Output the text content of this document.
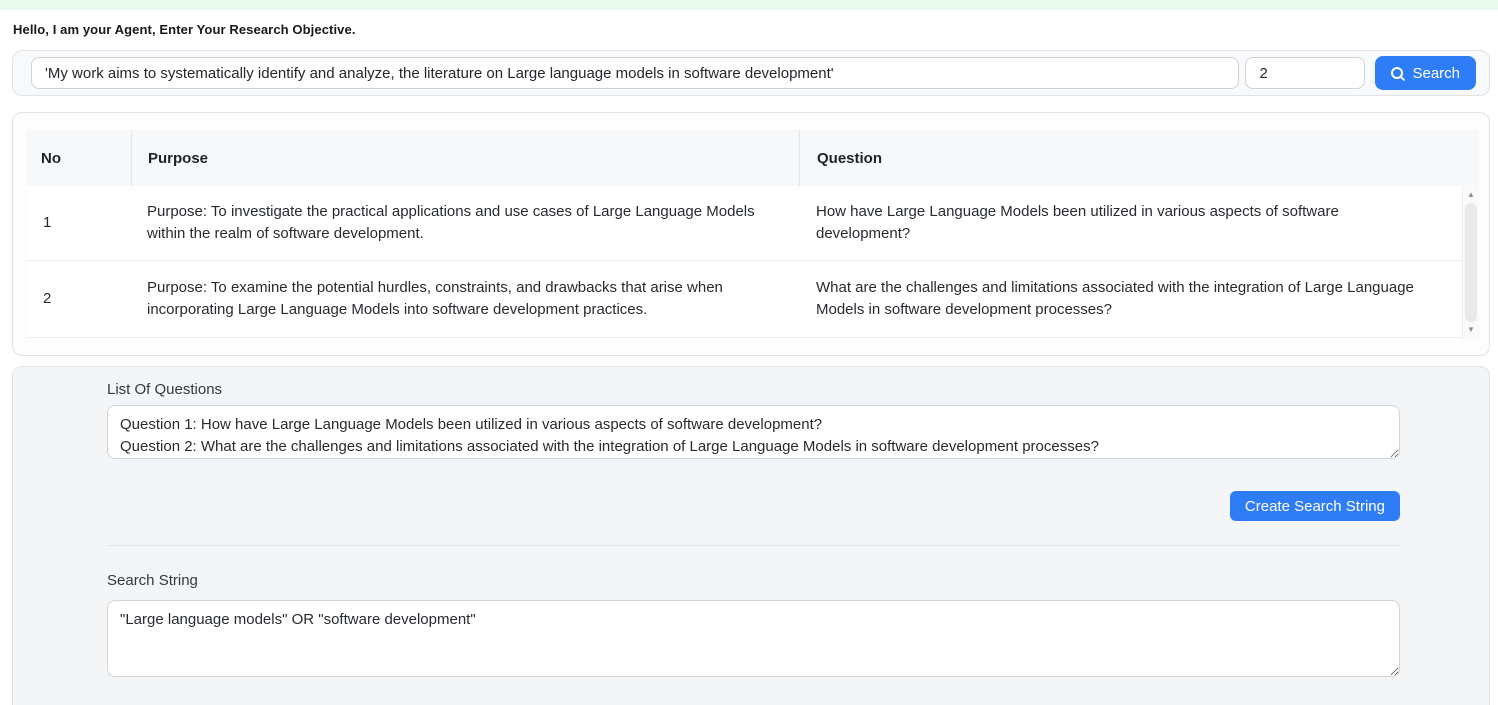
Hello, I am your Agent, Enter Your Research Objective.
'My work aims to systematically identify and analyze, the literature on Large language models in software development'
2
Search
No	Purpose	Question
1
Purpose: To investigate the practical applications and use cases of Large Language Models within the realm of software development.
How have Large Language Models been utilized in various aspects of software development?
2
Purpose: To examine the potential hurdles, constraints, and drawbacks that arise when incorporating Large Language Models into software development practices.
What are the challenges and limitations associated with the integration of Large Language Models in software development processes?
▲
▼
List Of Questions
Question 1: How have Large Language Models been utilized in various aspects of software development? Question 2: What are the challenges and limitations associated with the integration of Large Language Models in software development processes?
Create Search String
Search String
"Large language models" OR "software development"
